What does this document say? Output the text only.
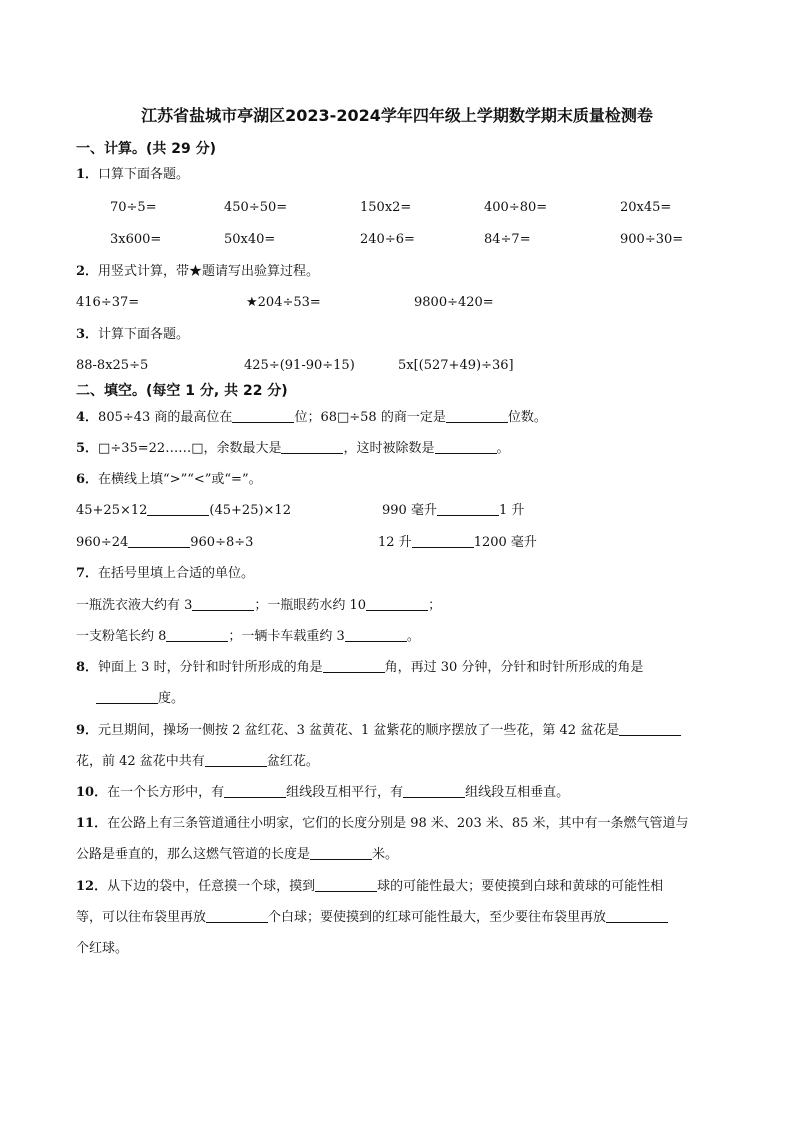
江苏省盐城市亭湖区2023-2024学年四年级上学期数学期末质量检测卷
一、计算。(共 29 分)
1．口算下面各题。
70÷5=	450÷50=	150x2=	400÷80=	20x45=
3x600=	50x40=	240÷6=	84÷7=	900÷30=
2．用竖式计算，带★题请写出验算过程。
416÷37=	★204÷53=	9800÷420=
3．计算下面各题。
88-8x25÷5	425÷(91-90÷15)	5x[(527+49)÷36]
二、填空。(每空 1 分, 共 22 分)
4．805÷43 商的最高位在	位；68□÷58 的商一定是	位数。
5．□÷35=22……□，余数最大是	，这时被除数是	。
6．在横线上填“>”“<”或“=”。
45+25×12	(45+25)×12	990 毫升	1 升
960÷24	960÷8÷3	12 升	1200 毫升
7．在括号里填上合适的单位。
一瓶洗衣液大约有 3	；一瓶眼药水约 10	；
一支粉笔长约 8	；一辆卡车载重约 3	。
8．钟面上 3 时，分针和时针所形成的角是	角，再过 30 分钟，分针和时针所形成的角是
度。
9．元旦期间，操场一侧按 2 盆红花、3 盆黄花、1 盆紫花的顺序摆放了一些花，第 42 盆花是
花，前 42 盆花中共有	盆红花。
10．在一个长方形中，有	组线段互相平行，有	组线段互相垂直。
11．在公路上有三条管道通往小明家，它们的长度分别是 98 米、203 米、85 米，其中有一条燃气管道与
公路是垂直的，那么这燃气管道的长度是	米。
12．从下边的袋中，任意摸一个球，摸到	球的可能性最大；要使摸到白球和黄球的可能性相
等，可以往布袋里再放	个白球；要使摸到的红球可能性最大，至少要往布袋里再放
个红球。
